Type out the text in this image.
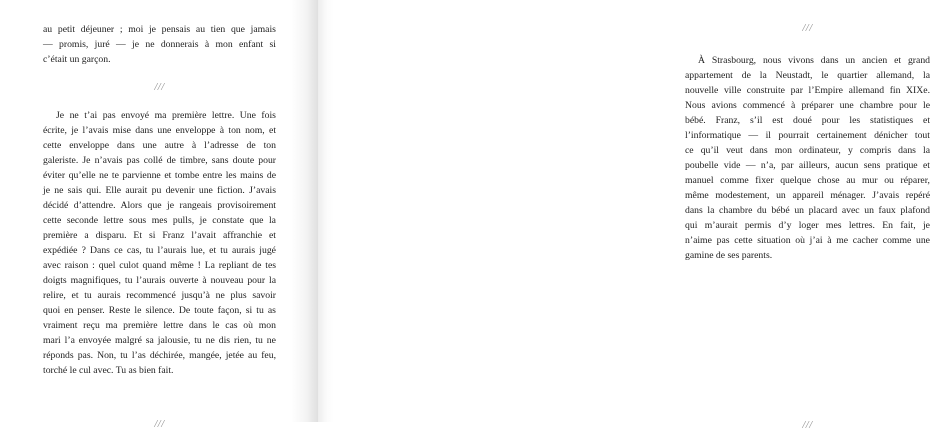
au petit déjeuner ; moi je pensais au tien que jamais
— promis, juré — je ne donnerais à mon enfant si
c’était un garçon.
///
Je ne t’ai pas envoyé ma première lettre. Une fois
écrite, je l’avais mise dans une enveloppe à ton nom, et
cette enveloppe dans une autre à l’adresse de ton
galeriste. Je n’avais pas collé de timbre, sans doute pour
éviter qu’elle ne te parvienne et tombe entre les mains de
je ne sais qui. Elle aurait pu devenir une fiction. J’avais
décidé d’attendre. Alors que je rangeais provisoirement
cette seconde lettre sous mes pulls, je constate que la
première a disparu. Et si Franz l’avait affranchie et
expédiée ? Dans ce cas, tu l’aurais lue, et tu aurais jugé
avec raison : quel culot quand même ! La repliant de tes
doigts magnifiques, tu l’aurais ouverte à nouveau pour la
relire, et tu aurais recommencé jusqu’à ne plus savoir
quoi en penser. Reste le silence. De toute façon, si tu as
vraiment reçu ma première lettre dans le cas où mon
mari l’a envoyée malgré sa jalousie, tu ne dis rien, tu ne
réponds pas. Non, tu l’as déchirée, mangée, jetée au feu,
torché le cul avec. Tu as bien fait.
///
///
À Strasbourg, nous vivons dans un ancien et grand
appartement de la Neustadt, le quartier allemand, la
nouvelle ville construite par l’Empire allemand fin XIXe.
Nous avions commencé à préparer une chambre pour le
bébé. Franz, s’il est doué pour les statistiques et
l’informatique — il pourrait certainement dénicher tout
ce qu’il veut dans mon ordinateur, y compris dans la
poubelle vide — n’a, par ailleurs, aucun sens pratique et
manuel comme fixer quelque chose au mur ou réparer,
même modestement, un appareil ménager. J’avais repéré
dans la chambre du bébé un placard avec un faux plafond
qui m’aurait permis d’y loger mes lettres. En fait, je
n’aime pas cette situation où j’ai à me cacher comme une
gamine de ses parents.
///
